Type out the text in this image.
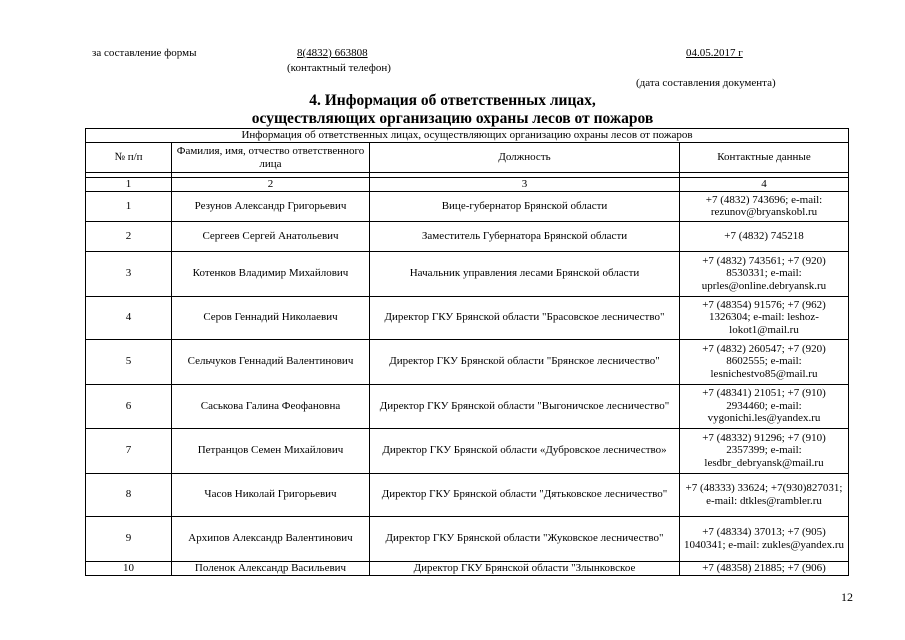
за составление формы	8(4832) 663808
(контактный телефон)
04.05.2017 г
(дата составления документа)
4. Информация об ответственных лицах,
осуществляющих организацию охраны лесов от пожаров
Информация об ответственных лицах, осуществляющих организацию охраны лесов от пожаров			
№ п/п	Фамилия, имя, отчество ответственного лица	Должность	Контактные данные

1	2	3	4
1	Резунов Александр Григорьевич	Вице-губернатор Брянской области	+7 (4832) 743696; e-mail: rezunov@bryanskobl.ru
2	Сергеев Сергей Анатольевич	Заместитель Губернатора Брянской области	+7 (4832) 745218
3	Котенков Владимир Михайлович	Начальник управления лесами Брянской области	+7 (4832) 743561; +7 (920) 8530331; e-mail: uprles@online.debryansk.ru
4	Серов Геннадий Николаевич	Директор ГКУ Брянской области "Брасовское лесничество"	+7 (48354) 91576; +7 (962) 1326304; e-mail: leshoz-lokot1@mail.ru
5	Сельчуков Геннадий Валентинович	Директор ГКУ Брянской области "Брянское лесничество"	+7 (4832) 260547; +7 (920) 8602555; e-mail: lesnichestvo85@mail.ru
6	Саськова Галина Феофановна	Директор ГКУ Брянской области "Выгоничское лесничество"	+7 (48341) 21051; +7 (910) 2934460; e-mail: vygonichi.les@yandex.ru
7	Петранцов Семен Михайлович	Директор ГКУ Брянской области «Дубровское лесничество»	+7 (48332) 91296; +7 (910) 2357399; e-mail: lesdbr_debryansk@mail.ru
8	Часов Николай Григорьевич	Директор ГКУ Брянской области "Дятьковское лесничество"	+7 (48333) 33624; +7(930)827031; e-mail: dtkles@rambler.ru
9	Архипов Александр Валентинович	Директор ГКУ Брянской области "Жуковское лесничество"	+7 (48334) 37013; +7 (905) 1040341; e-mail: zukles@yandex.ru
10	Поленок Александр Васильевич	Директор ГКУ Брянской области "Злынковское	+7 (48358) 21885; +7 (906)
12
